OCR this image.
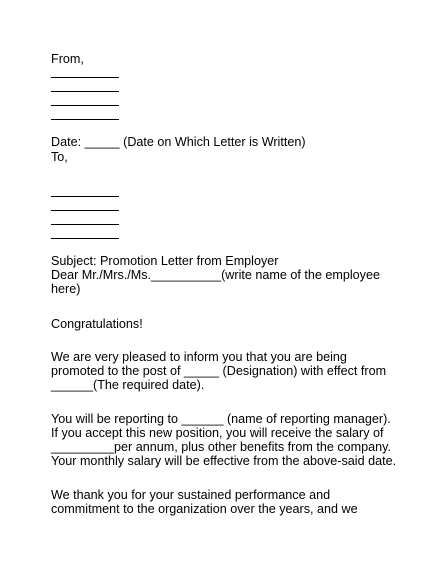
From,
Date: _____ (Date on Which Letter is Written)
To,
Subject: Promotion Letter from Employer
Dear Mr./Mrs./Ms.__________(write name of the employee
here)
Congratulations!
We are very pleased to inform you that you are being
promoted to the post of _____ (Designation) with effect from
______(The required date).
You will be reporting to ______ (name of reporting manager).
If you accept this new position, you will receive the salary of
_________per annum, plus other benefits from the company.
Your monthly salary will be effective from the above-said date.
We thank you for your sustained performance and
commitment to the organization over the years, and we
